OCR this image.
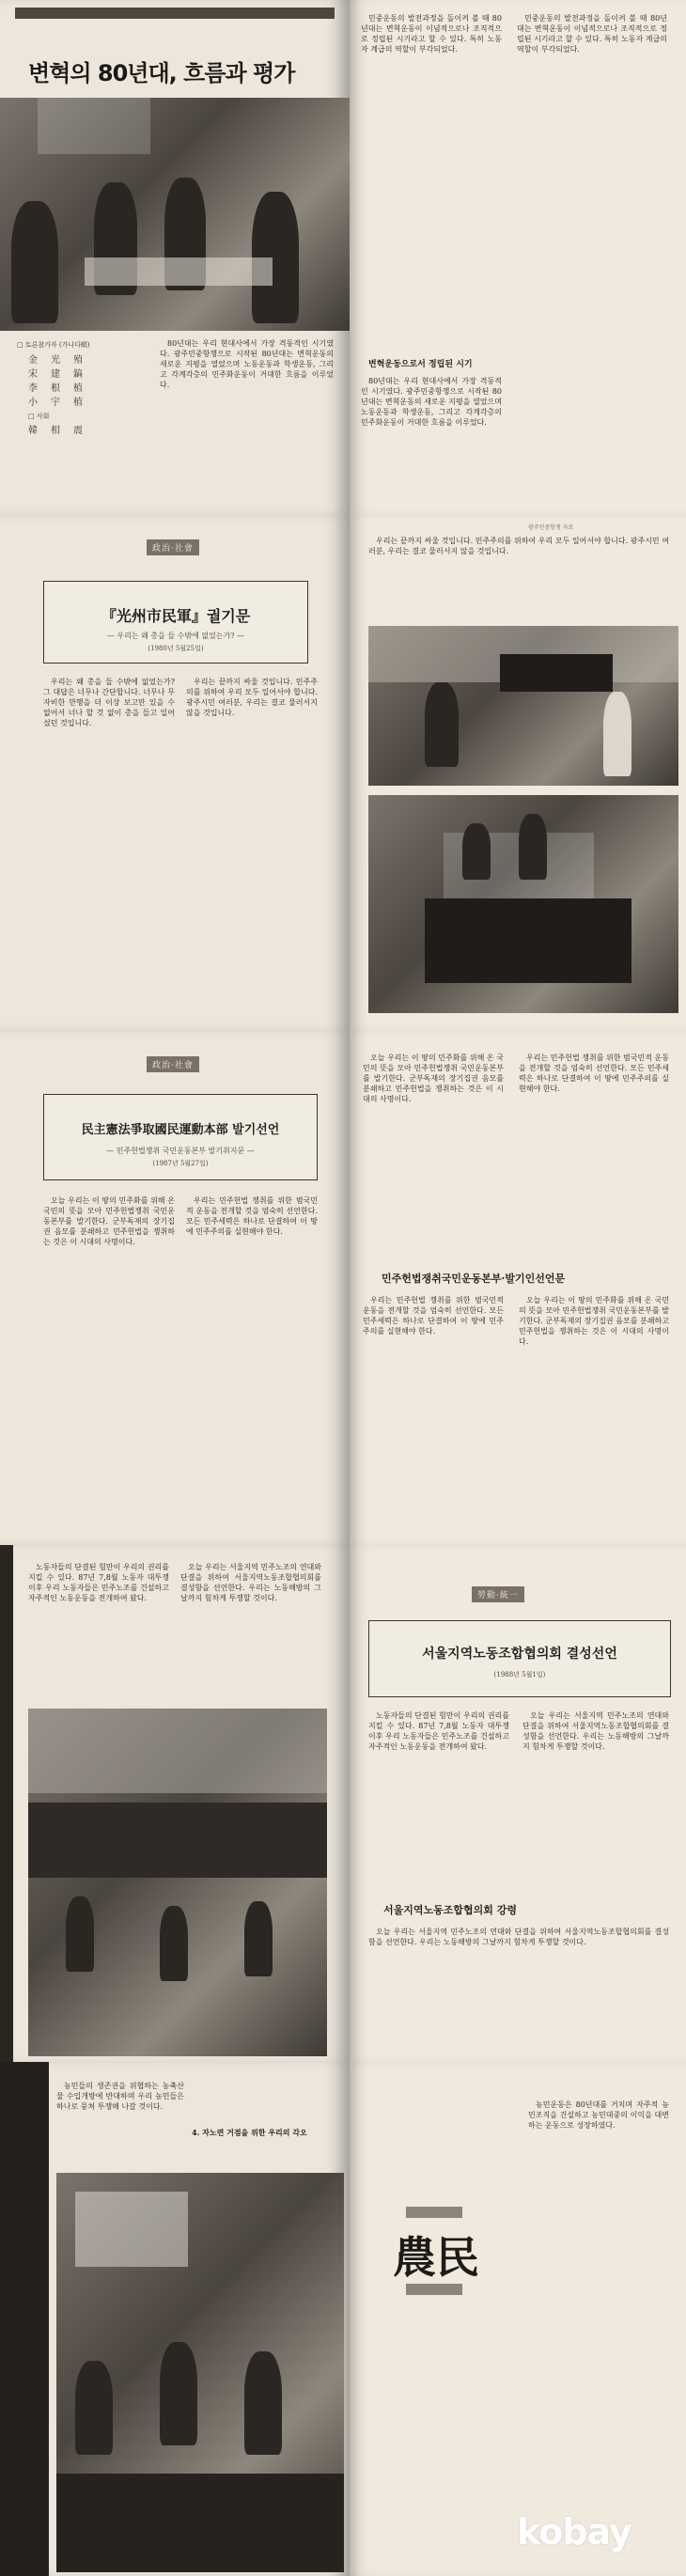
변혁의 80년대, 흐름과 평가
□ 토론참가자 (가나다順)
金光殖
宋建鎬
李根植
小宇植
□ 사회
韓相震

80년대는 우리 현대사에서 가장 격동적인 시기였다. 광주민중항쟁으로 시작된 80년대는 변혁운동의 새로운 지평을 열었으며 노동운동과 학생운동, 그리고 각계각층의 민주화운동이 거대한 흐름을 이루었다.

민중운동의 발전과정을 돌이켜 볼 때 80년대는 변혁운동이 이념적으로나 조직적으로 정립된 시기라고 할 수 있다. 특히 노동자 계급의 역할이 부각되었다.

변혁운동으로서 정립된 시기

80년대는 우리 현대사에서 가장 격동적인 시기였다. 광주민중항쟁으로 시작된 80년대는 변혁운동의 새로운 지평을 열었으며 노동운동과 학생운동, 그리고 각계각층의 민주화운동이 거대한 흐름을 이루었다.

민중운동의 발전과정을 돌이켜 볼 때 80년대는 변혁운동이 이념적으로나 조직적으로 정립된 시기라고 할 수 있다. 특히 노동자 계급의 역할이 부각되었다.

政治·社會
『光州市民軍』궐기문
— 우리는 왜 총을 들 수밖에 없었는가? —
(1980년 5월25일)

우리는 왜 총을 들 수밖에 없었는가? 그 대답은 너무나 간단합니다. 너무나 무자비한 만행을 더 이상 보고만 있을 수 없어서 너나 할 것 없이 총을 들고 일어섰던 것입니다.

우리는 끝까지 싸울 것입니다. 민주주의를 위하여 우리 모두 일어서야 합니다. 광주시민 여러분, 우리는 결코 물러서지 않을 것입니다.

광주민중항쟁 자료

우리는 끝까지 싸울 것입니다. 민주주의를 위하여 우리 모두 일어서야 합니다. 광주시민 여러분, 우리는 결코 물러서지 않을 것입니다.

政治·社會
民主憲法爭取國民運動本部 발기선언
— 민주헌법쟁취 국민운동본부 발기취지문 —
(1987년 5월27일)

오늘 우리는 이 땅의 민주화를 위해 온 국민의 뜻을 모아 민주헌법쟁취 국민운동본부를 발기한다. 군부독재의 장기집권 음모를 분쇄하고 민주헌법을 쟁취하는 것은 이 시대의 사명이다.

우리는 민주헌법 쟁취를 위한 범국민적 운동을 전개할 것을 엄숙히 선언한다. 모든 민주세력은 하나로 단결하여 이 땅에 민주주의를 실현해야 한다.

오늘 우리는 이 땅의 민주화를 위해 온 국민의 뜻을 모아 민주헌법쟁취 국민운동본부를 발기한다. 군부독재의 장기집권 음모를 분쇄하고 민주헌법을 쟁취하는 것은 이 시대의 사명이다.

우리는 민주헌법 쟁취를 위한 범국민적 운동을 전개할 것을 엄숙히 선언한다. 모든 민주세력은 하나로 단결하여 이 땅에 민주주의를 실현해야 한다.

민주헌법쟁취국민운동본부·발기인선언문

우리는 민주헌법 쟁취를 위한 범국민적 운동을 전개할 것을 엄숙히 선언한다. 모든 민주세력은 하나로 단결하여 이 땅에 민주주의를 실현해야 한다.

오늘 우리는 이 땅의 민주화를 위해 온 국민의 뜻을 모아 민주헌법쟁취 국민운동본부를 발기한다. 군부독재의 장기집권 음모를 분쇄하고 민주헌법을 쟁취하는 것은 이 시대의 사명이다.

노동자들의 단결된 힘만이 우리의 권리를 지킬 수 있다. 87년 7,8월 노동자 대투쟁 이후 우리 노동자들은 민주노조를 건설하고 자주적인 노동운동을 전개하여 왔다.

오늘 우리는 서울지역 민주노조의 연대와 단결을 위하여 서울지역노동조합협의회를 결성함을 선언한다. 우리는 노동해방의 그날까지 힘차게 투쟁할 것이다.	勞動·統一
서울지역노동조합협의회 결성선언
(1988년 5월1일)

노동자들의 단결된 힘만이 우리의 권리를 지킬 수 있다. 87년 7,8월 노동자 대투쟁 이후 우리 노동자들은 민주노조를 건설하고 자주적인 노동운동을 전개하여 왔다.

오늘 우리는 서울지역 민주노조의 연대와 단결을 위하여 서울지역노동조합협의회를 결성함을 선언한다. 우리는 노동해방의 그날까지 힘차게 투쟁할 것이다.

서울지역노동조합협의회 강령

오늘 우리는 서울지역 민주노조의 연대와 단결을 위하여 서울지역노동조합협의회를 결성함을 선언한다. 우리는 노동해방의 그날까지 힘차게 투쟁할 것이다.

농민들의 생존권을 위협하는 농축산물 수입개방에 반대하며 우리 농민들은 하나로 뭉쳐 투쟁해 나갈 것이다.

4. 자노련 거점을 위한 우리의 각오

농민운동은 80년대를 거치며 자주적 농민조직을 건설하고 농민대중의 이익을 대변하는 운동으로 성장하였다.

農民
kobay
